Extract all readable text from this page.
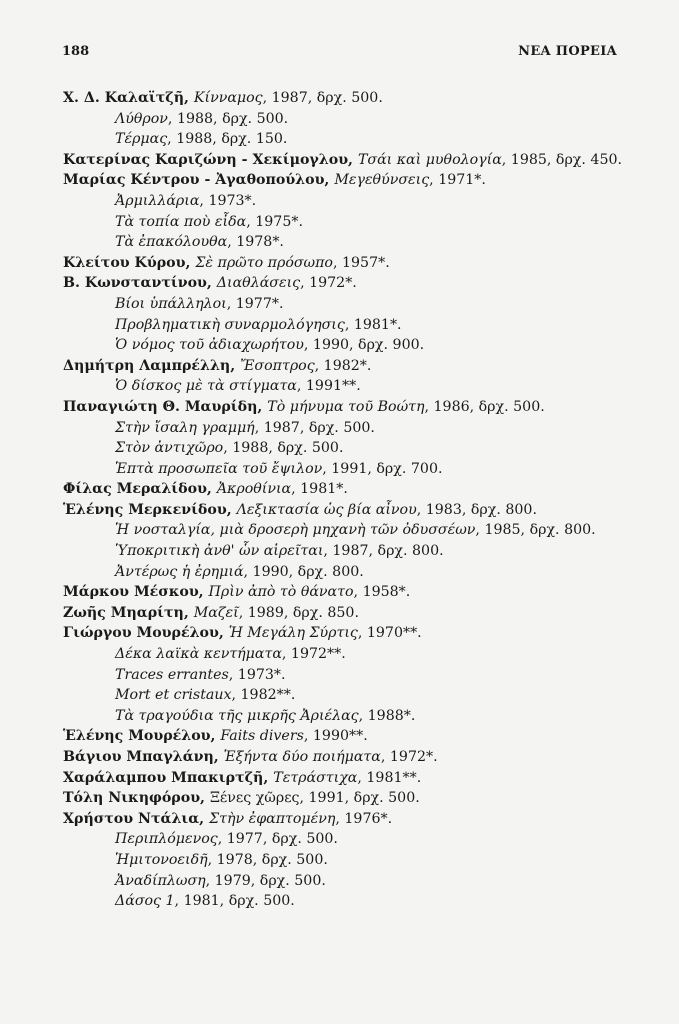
188	ΝΕΑ ΠΟΡΕΙΑ
Χ. Δ. Καλαϊτζῆ, Κίνναμος, 1987, δρχ. 500.
Λύθρον, 1988, δρχ. 500.
Τέρμας, 1988, δρχ. 150.
Κατερίνας Καριζώνη - Χεκίμογλου, Τσάι καὶ μυθολογία, 1985, δρχ. 450.
Μαρίας Κέντρου - Ἀγαθοπούλου, Μεγεθύνσεις, 1971*.
Ἀρμιλλάρια, 1973*.
Τὰ τοπία ποὺ εἶδα, 1975*.
Τὰ ἐπακόλουθα, 1978*.
Κλείτου Κύρου, Σὲ πρῶτο πρόσωπο, 1957*.
Β. Κωνσταντίνου, Διαθλάσεις, 1972*.
Βίοι ὑπάλληλοι, 1977*.
Προβληματικὴ συναρμολόγησις, 1981*.
Ὁ νόμος τοῦ ἀδιαχωρήτου, 1990, δρχ. 900.
Δημήτρη Λαμπρέλλη, Ἔσοπτρος, 1982*.
Ὁ δίσκος μὲ τὰ στίγματα, 1991**.
Παναγιώτη Θ. Μαυρίδη, Τὸ μήνυμα τοῦ Βοώτη, 1986, δρχ. 500.
Στὴν ἴσαλη γραμμή, 1987, δρχ. 500.
Στὸν ἀντιχῶρο, 1988, δρχ. 500.
Ἑπτὰ προσωπεῖα τοῦ ἔψιλον, 1991, δρχ. 700.
Φίλας Μεραλίδου, Ἀκροθίνια, 1981*.
Ἑλένης Μερκενίδου, Λεξικτασία ὡς βία αἶνου, 1983, δρχ. 800.
Ἡ νοσταλγία, μιὰ δροσερὴ μηχανὴ τῶν ὀδυσσέων, 1985, δρχ. 800.
Ὑποκριτικὴ ἀνθ' ὧν αἱρεῖται, 1987, δρχ. 800.
Ἀντέρως ἡ ἐρημιά, 1990, δρχ. 800.
Μάρκου Μέσκου, Πρὶν ἀπὸ τὸ θάνατο, 1958*.
Ζωῆς Μηαρίτη, Μαζεῖ, 1989, δρχ. 850.
Γιώργου Μουρέλου, Ἡ Μεγάλη Σύρτις, 1970**.
Δέκα λαϊκὰ κεντήματα, 1972**.
Traces errantes, 1973*.
Mort et cristaux, 1982**.
Τὰ τραγούδια τῆς μικρῆς Ἀριέλας, 1988*.
Ἑλένης Μουρέλου, Faits divers, 1990**.
Βάγιου Μπαγλάνη, Ἑξήντα δύο ποιήματα, 1972*.
Χαράλαμπου Μπακιρτζῆ, Τετράστιχα, 1981**.
Τόλη Νικηφόρου, Ξένες χῶρες, 1991, δρχ. 500.
Χρήστου Ντάλια, Στὴν ἐφαπτομένη, 1976*.
Περιπλόμενος, 1977, δρχ. 500.
Ἡμιτονοειδῆ, 1978, δρχ. 500.
Ἀναδίπλωση, 1979, δρχ. 500.
Δάσος 1, 1981, δρχ. 500.
